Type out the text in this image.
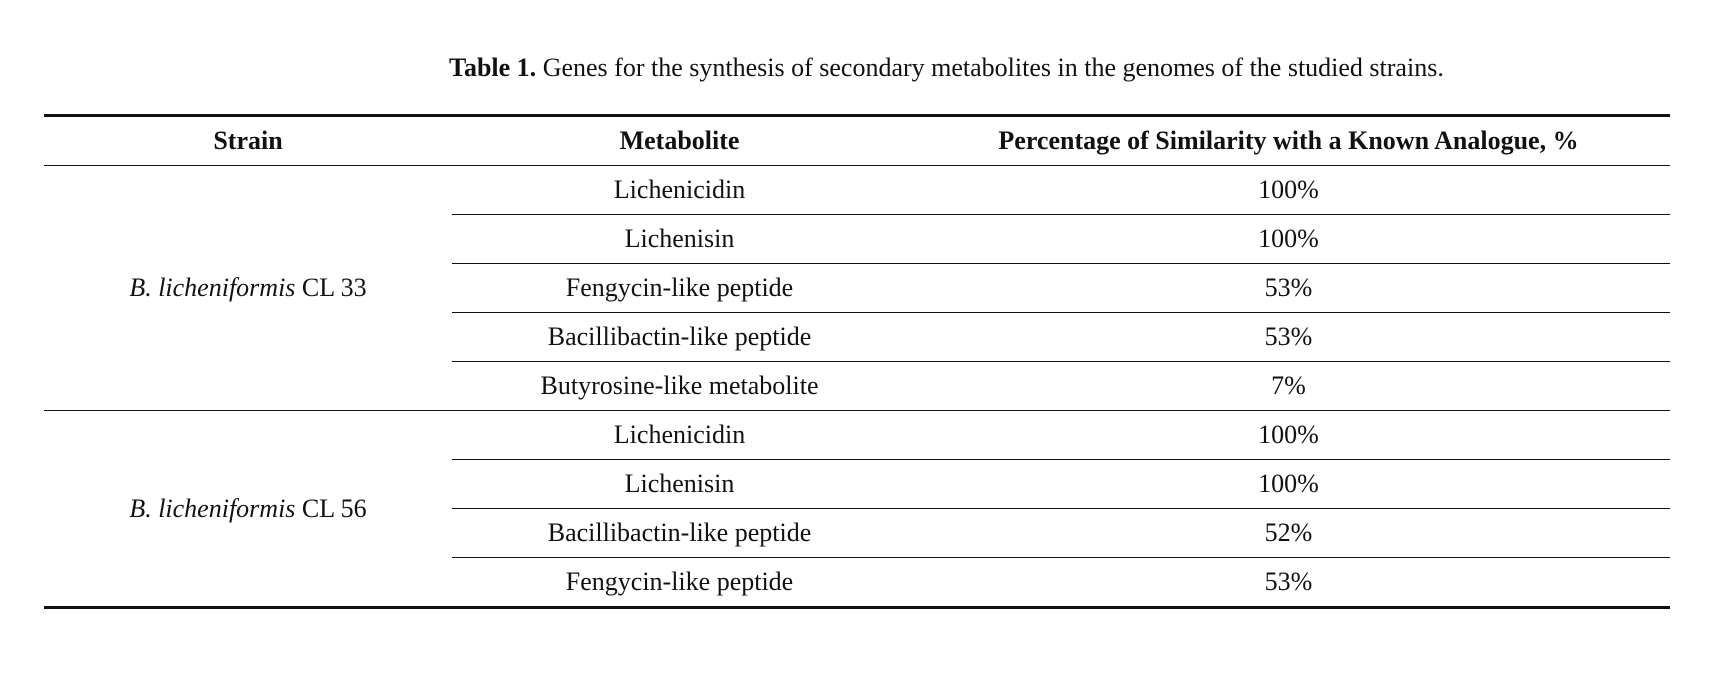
Table 1. Genes for the synthesis of secondary metabolites in the genomes of the studied strains.
Strain	Metabolite	Percentage of Similarity with a Known Analogue, %
B. licheniformis CL 33	Lichenicidin	100%
	Lichenisin	100%
	Fengycin-like peptide	53%
	Bacillibactin-like peptide	53%
	Butyrosine-like metabolite	7%
B. licheniformis CL 56	Lichenicidin	100%
	Lichenisin	100%
	Bacillibactin-like peptide	52%
	Fengycin-like peptide	53%
